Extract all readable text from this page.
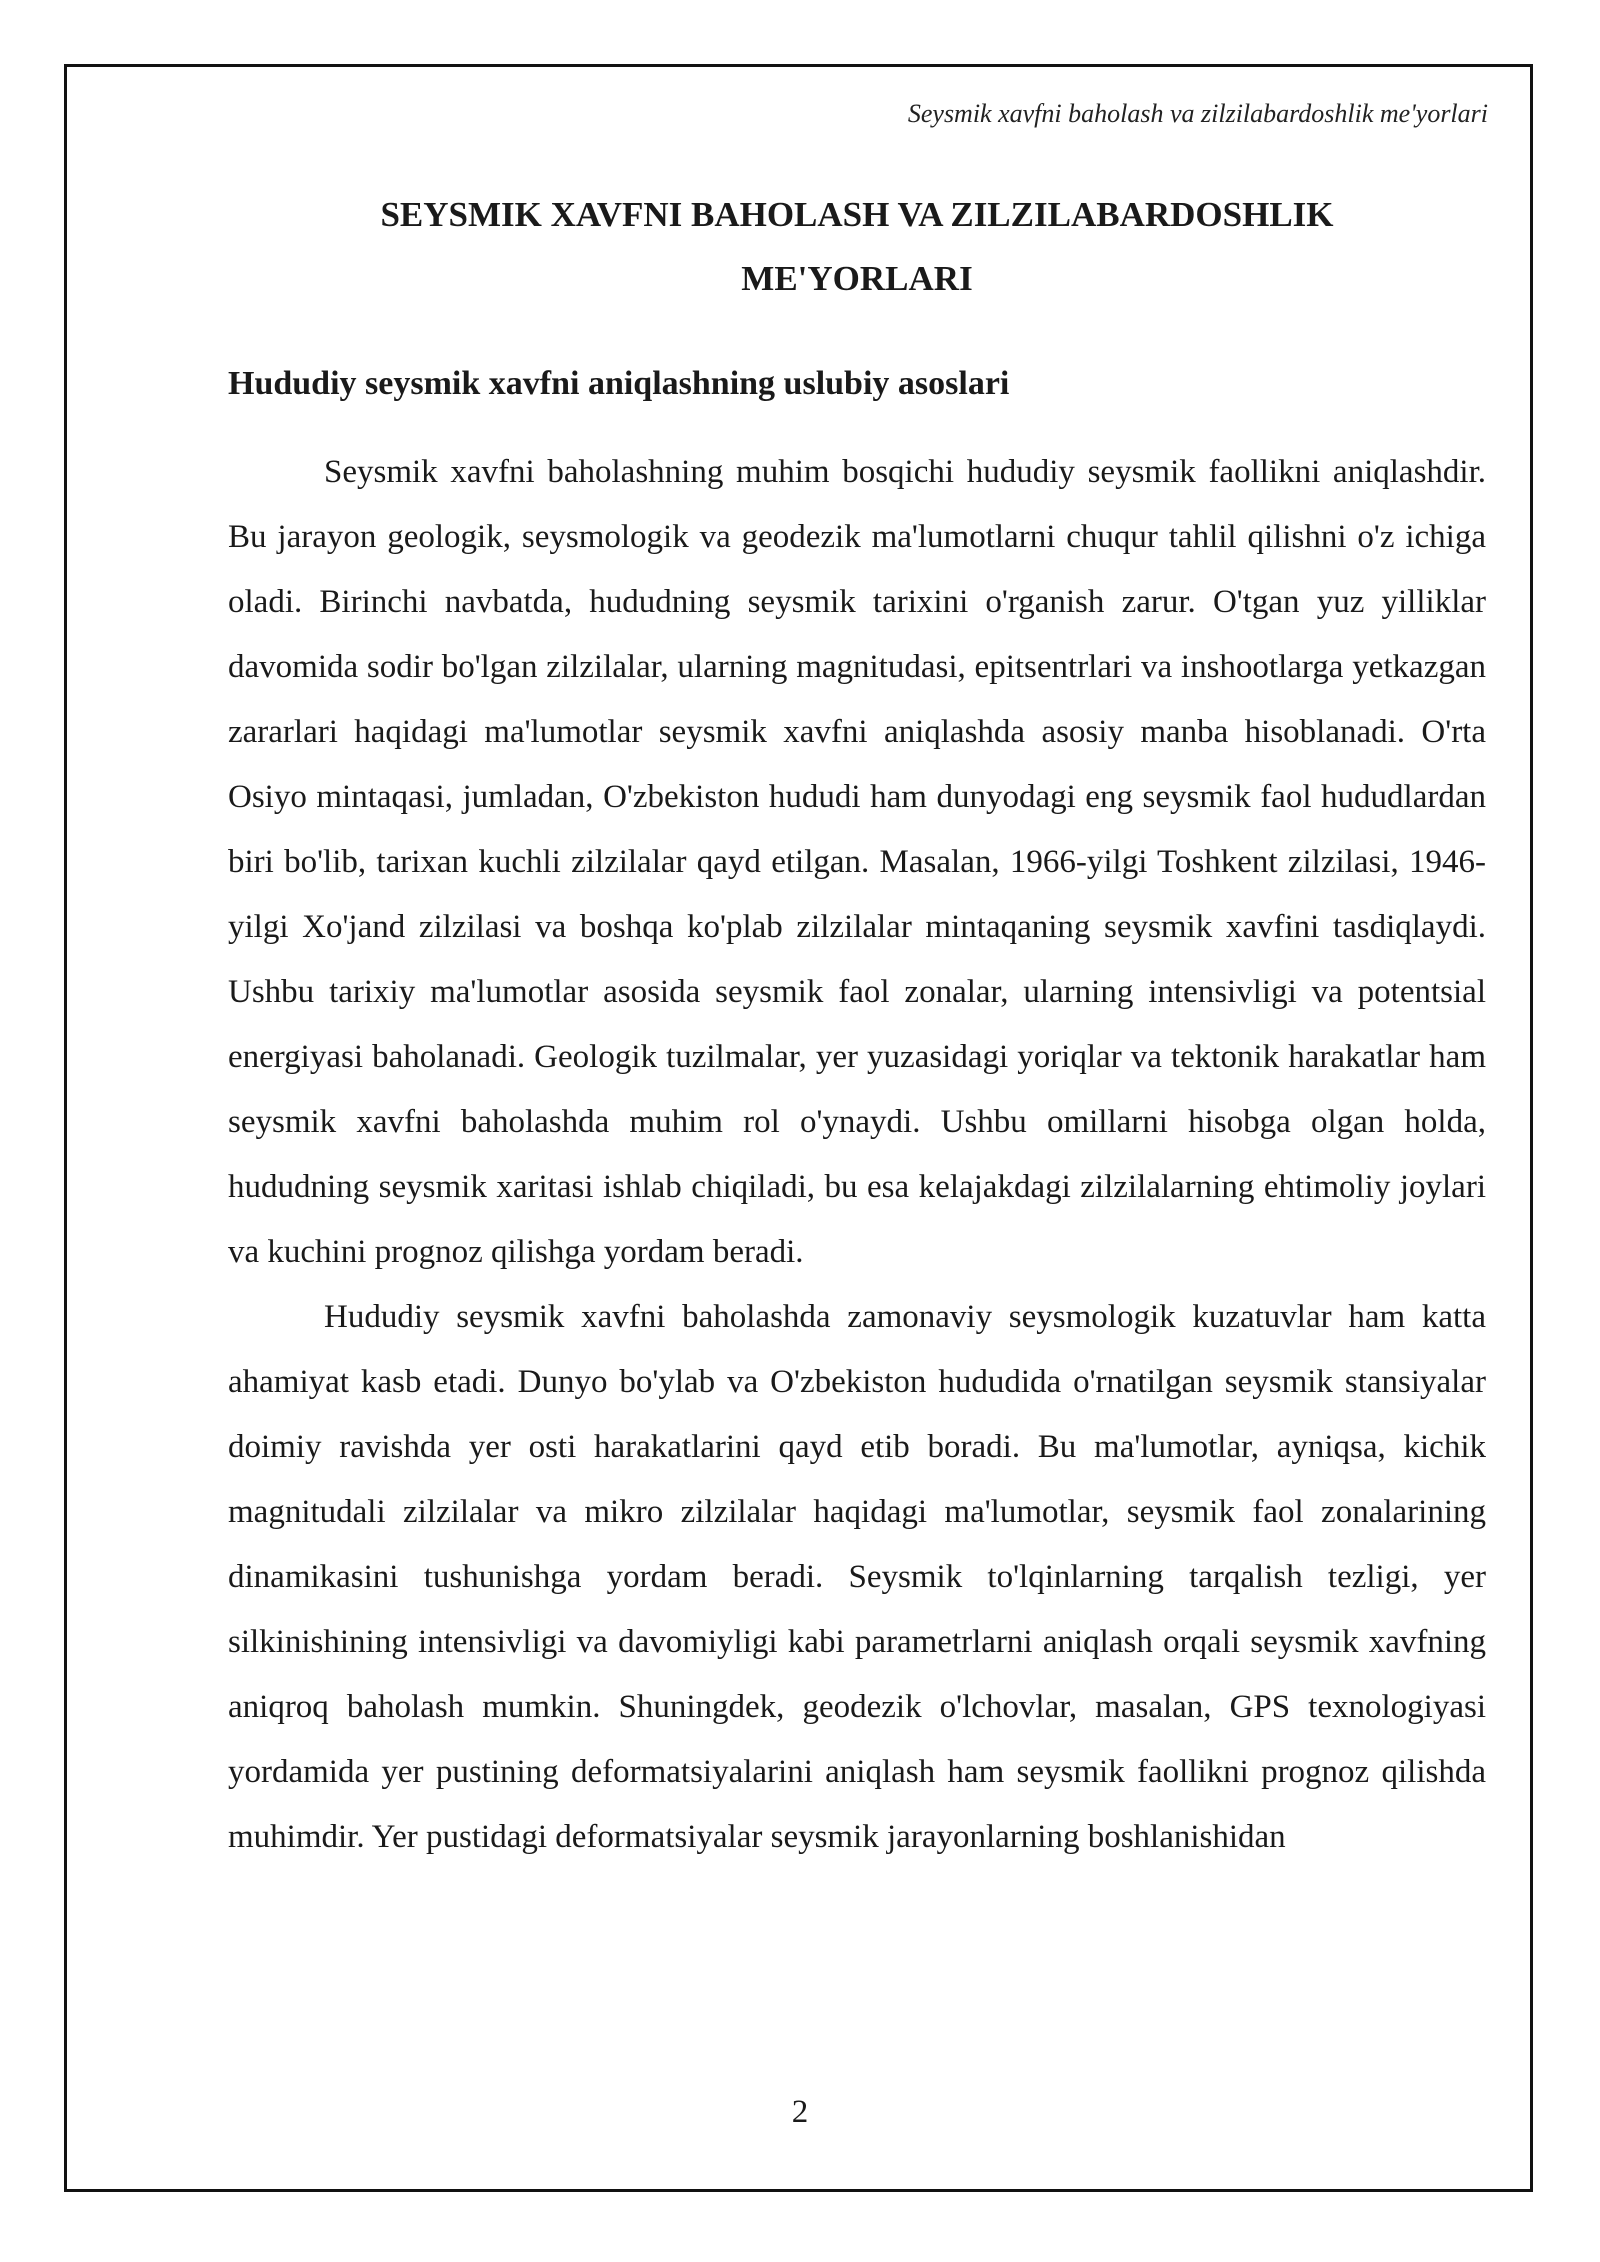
Seysmik xavfni baholash va zilzilabardoshlik me'yorlari
SEYSMIK XAVFNI BAHOLASH VA ZILZILABARDOSHLIK
ME'YORLARI
Hududiy seysmik xavfni aniqlashning uslubiy asoslari

Seysmik xavfni baholashning muhim bosqichi hududiy seysmik faollikni aniqlashdir. Bu jarayon geologik, seysmologik va geodezik ma'lumotlarni chuqur tahlil qilishni o'z ichiga oladi. Birinchi navbatda, hududning seysmik tarixini o'rganish zarur. O'tgan yuz yilliklar davomida sodir bo'lgan zilzilalar, ularning magnitudasi, epitsentrlari va inshootlarga yetkazgan zararlari haqidagi ma'lumotlar seysmik xavfni aniqlashda asosiy manba hisoblanadi. O'rta Osiyo mintaqasi, jumladan, O'zbekiston hududi ham dunyodagi eng seysmik faol hududlardan biri bo'lib, tarixan kuchli zilzilalar qayd etilgan. Masalan, 1966-yilgi Toshkent zilzilasi, 1946-yilgi Xo'jand zilzilasi va boshqa ko'plab zilzilalar mintaqaning seysmik xavfini tasdiqlaydi. Ushbu tarixiy ma'lumotlar asosida seysmik faol zonalar, ularning intensivligi va potentsial energiyasi baholanadi. Geologik tuzilmalar, yer yuzasidagi yoriqlar va tektonik harakatlar ham seysmik xavfni baholashda muhim rol o'ynaydi. Ushbu omillarni hisobga olgan holda, hududning seysmik xaritasi ishlab chiqiladi, bu esa kelajakdagi zilzilalarning ehtimoliy joylari va kuchini prognoz qilishga yordam beradi.

Hududiy seysmik xavfni baholashda zamonaviy seysmologik kuzatuvlar ham katta ahamiyat kasb etadi. Dunyo bo'ylab va O'zbekiston hududida o'rnatilgan seysmik stansiyalar doimiy ravishda yer osti harakatlarini qayd etib boradi. Bu ma'lumotlar, ayniqsa, kichik magnitudali zilzilalar va mikro zilzilalar haqidagi ma'lumotlar, seysmik faol zonalarining dinamikasini tushunishga yordam beradi. Seysmik to'lqinlarning tarqalish tezligi, yer silkinishining intensivligi va davomiyligi kabi parametrlarni aniqlash orqali seysmik xavfning aniqroq baholash mumkin. Shuningdek, geodezik o'lchovlar, masalan, GPS texnologiyasi yordamida yer pustining deformatsiyalarini aniqlash ham seysmik faollikni prognoz qilishda muhimdir. Yer pustidagi deformatsiyalar seysmik jarayonlarning boshlanishidan

2
